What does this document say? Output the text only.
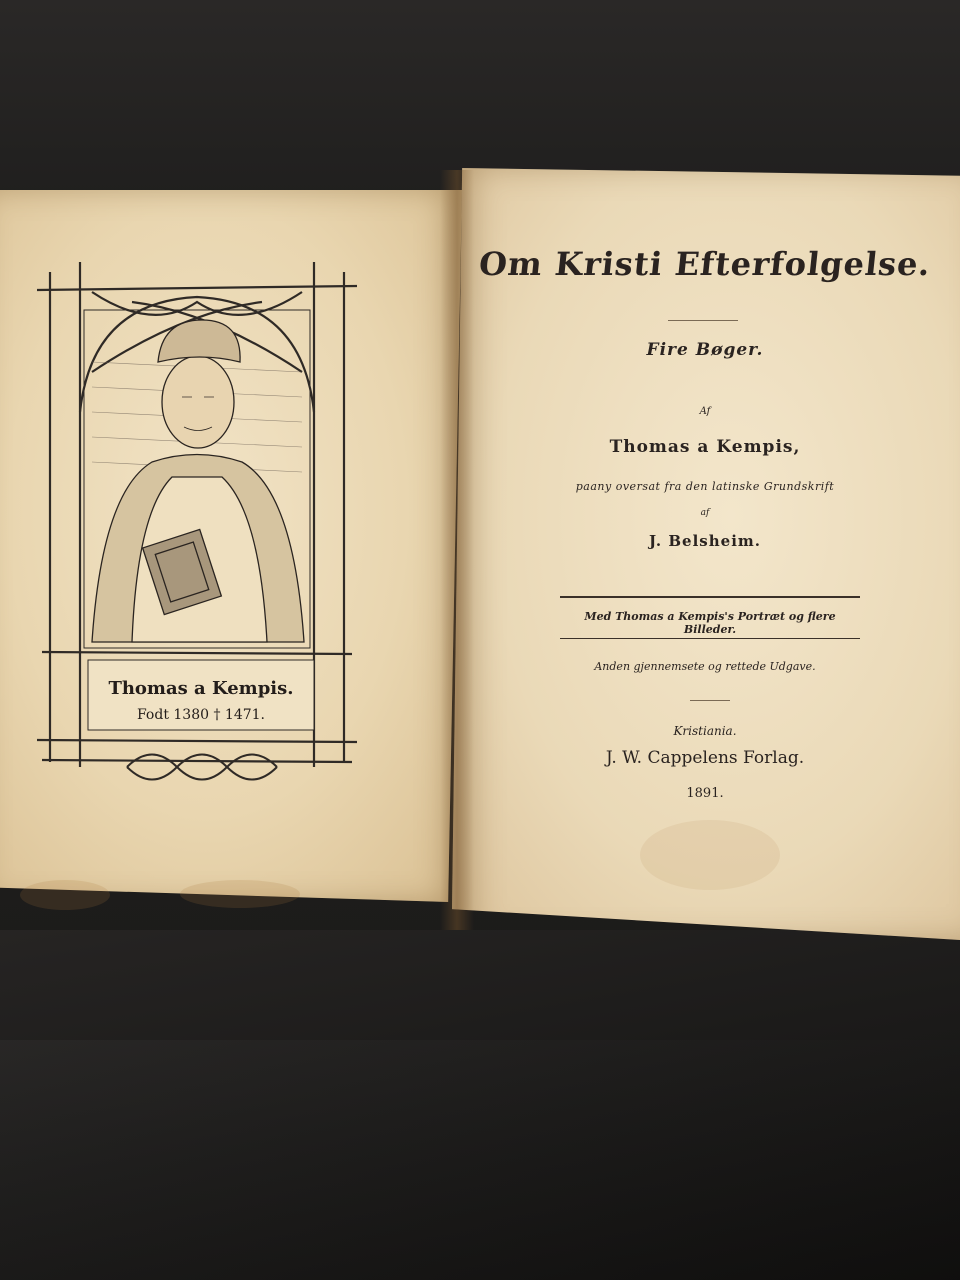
Thomas a Kempis.
Fodt 1380 † 1471.
Om Kristi Efterfolgelse.
Fire Bøger.
Af
Thomas a Kempis,
paany oversat fra den latinske Grundskrift
af
J. Belsheim.
Med Thomas a Kempis's Portræt og flere Billeder.
Anden gjennemsete og rettede Udgave.
Kristiania.
J. W. Cappelens Forlag.
1891.
